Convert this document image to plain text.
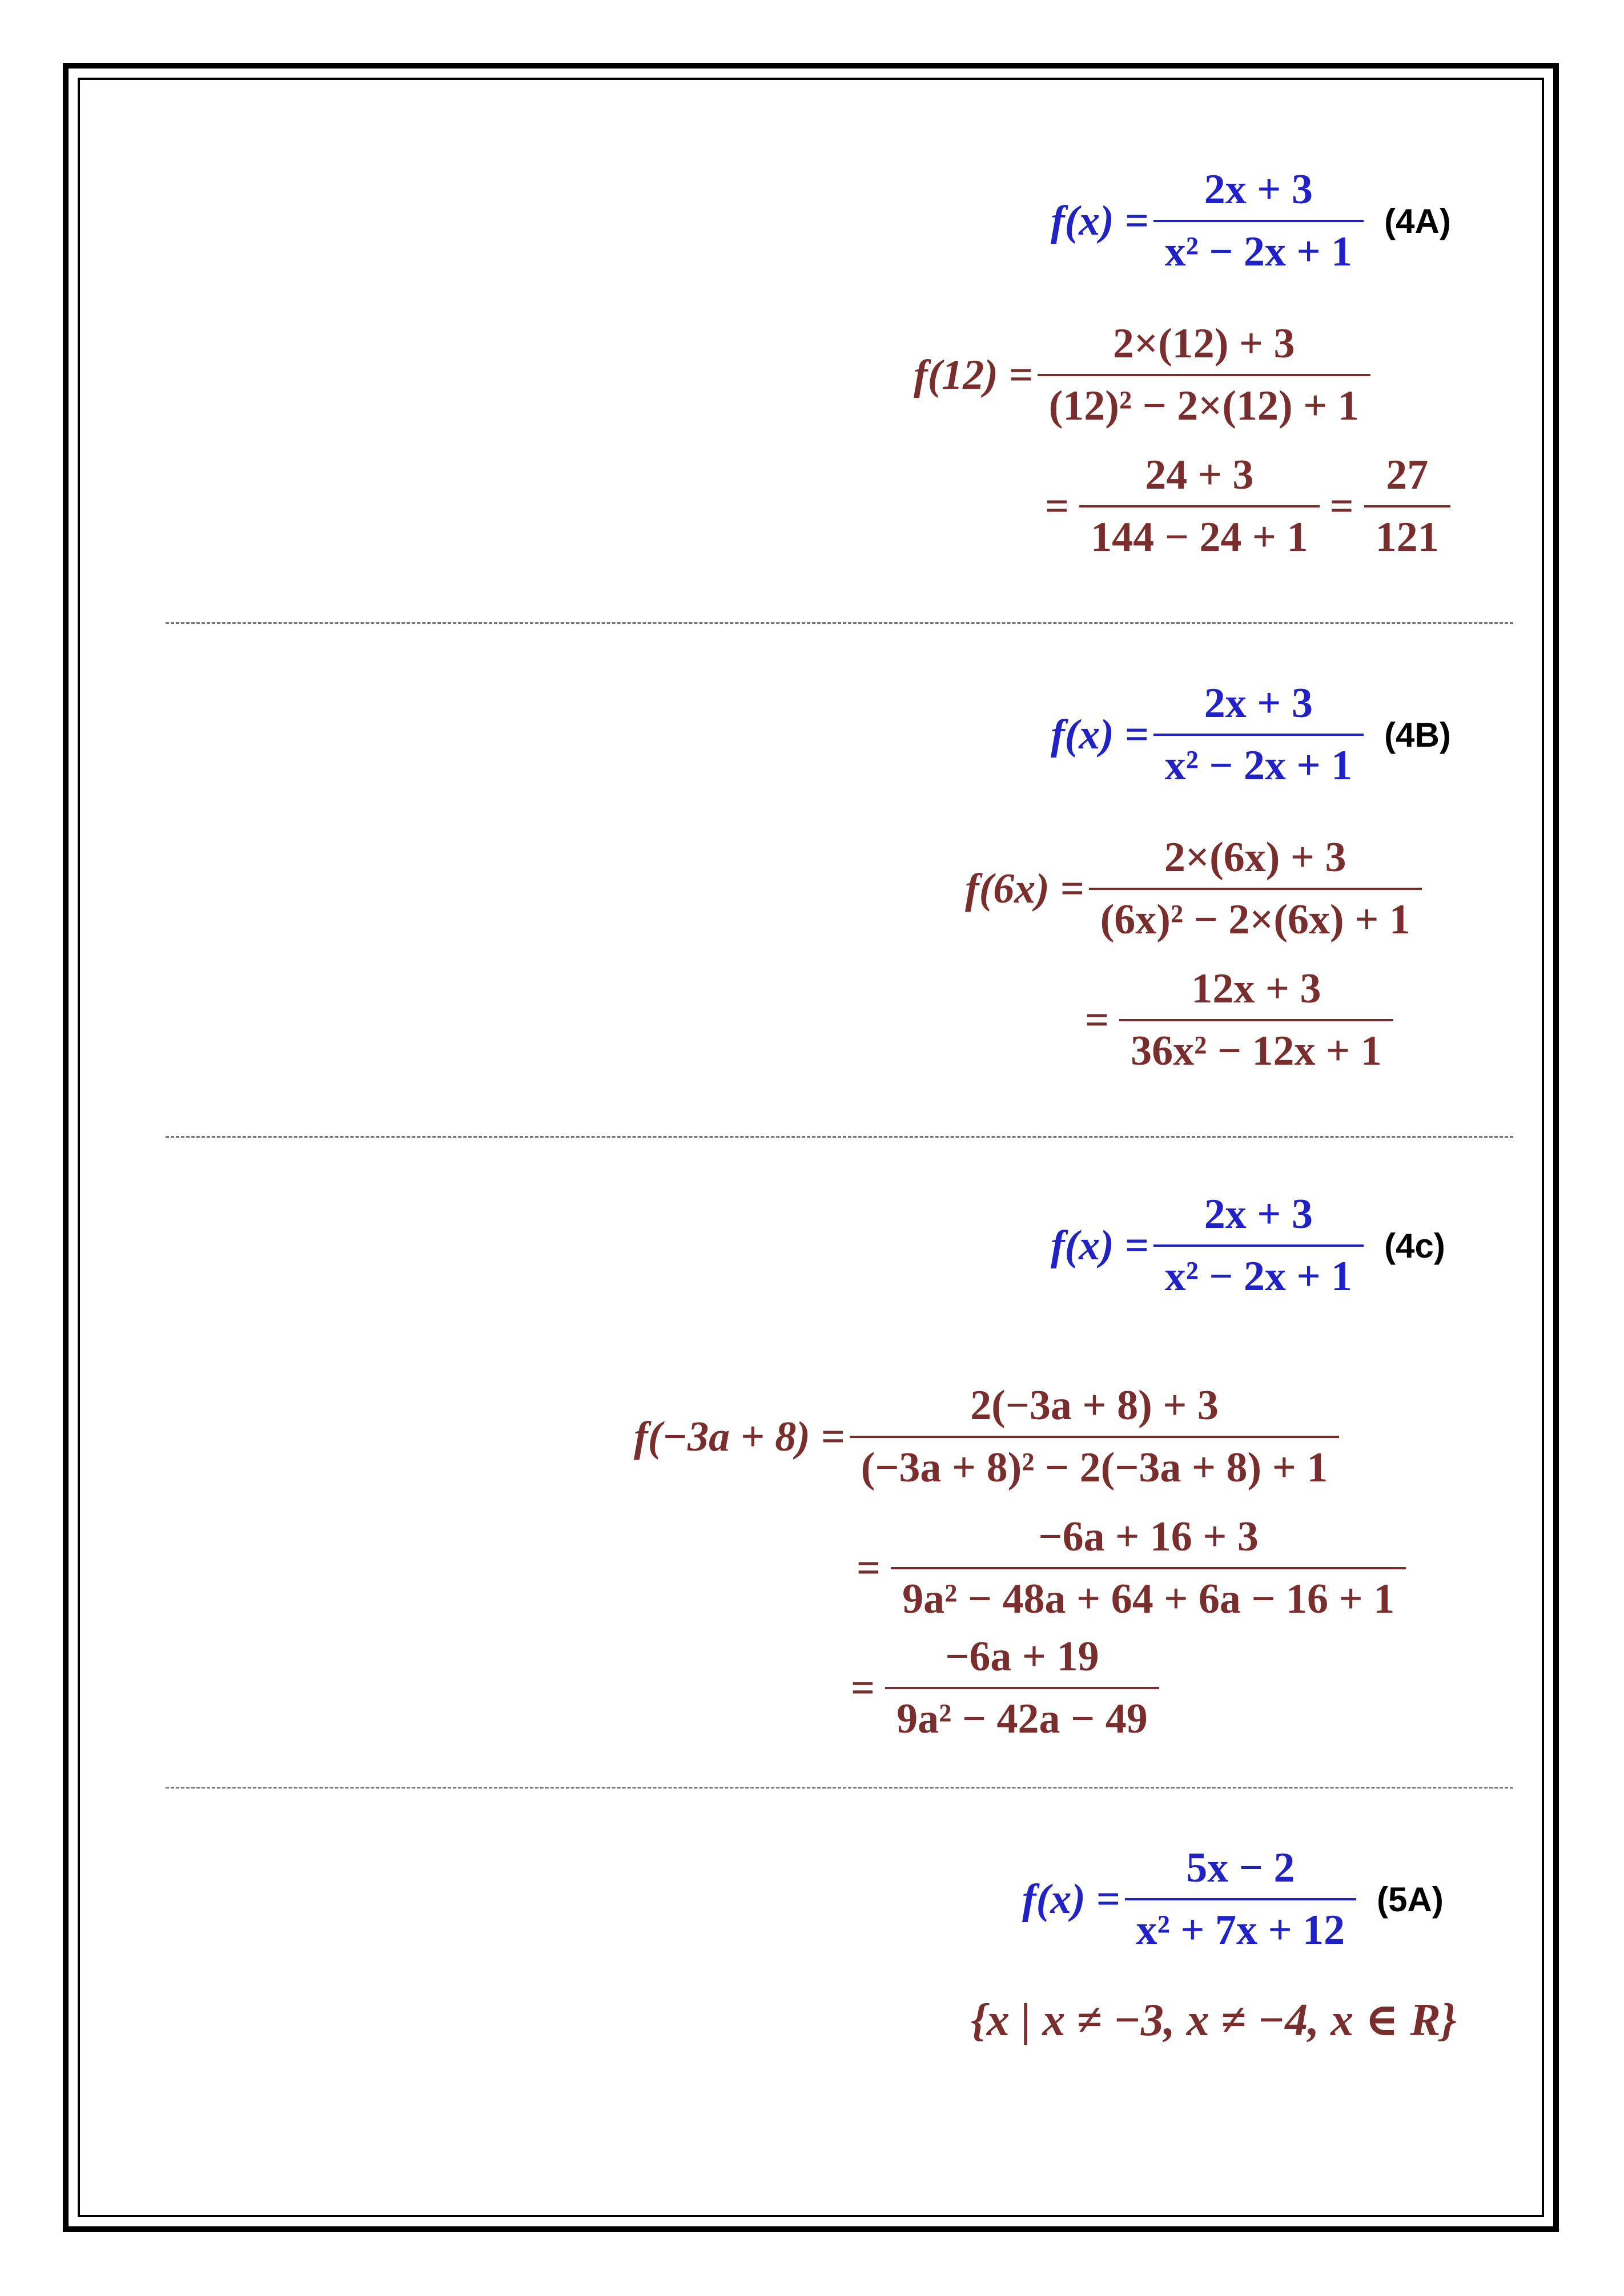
$f(x) = \frac{2x + 3}{\text{x² − 2x + 1}} (4A)$
$f(12) = \frac{2\times(12) + 3}{\text{(12)² − 2×(12) + 1}}$
= $\frac{24 + 3}{144 - 24 + 1} = \frac{27}{121}$
$f(x) = \frac{2x + 3}{\text{x² − 2x + 1}} (4B)$
$f(6x) = \frac{2\times(6x) + 3}{\text{(6x)² − 2×(6x) + 1}}$
= $\frac{12x + 3}{\text{36x² − 12x + 1}}$
$f(x) = \frac{2x + 3}{\text{x² − 2x + 1}} (4c)$
$f(-3a + 8) = \frac{2(-3a + 8) + 3}{\text{(−3a + 8)² − 2(−3a + 8) + 1}}$
= $\frac{-6a + 16 + 3}{\text{9a² − 48a + 64 + 6a − 16 + 1}}$
= $\frac{-6a + 19}{\text{9a² − 42a − 49}}$
$f(x) = \frac{5x - 2}{\text{x² + 7x + 12}} (5A)$
{x | x ≠ −3, x ≠ −4, x ∈ R}
